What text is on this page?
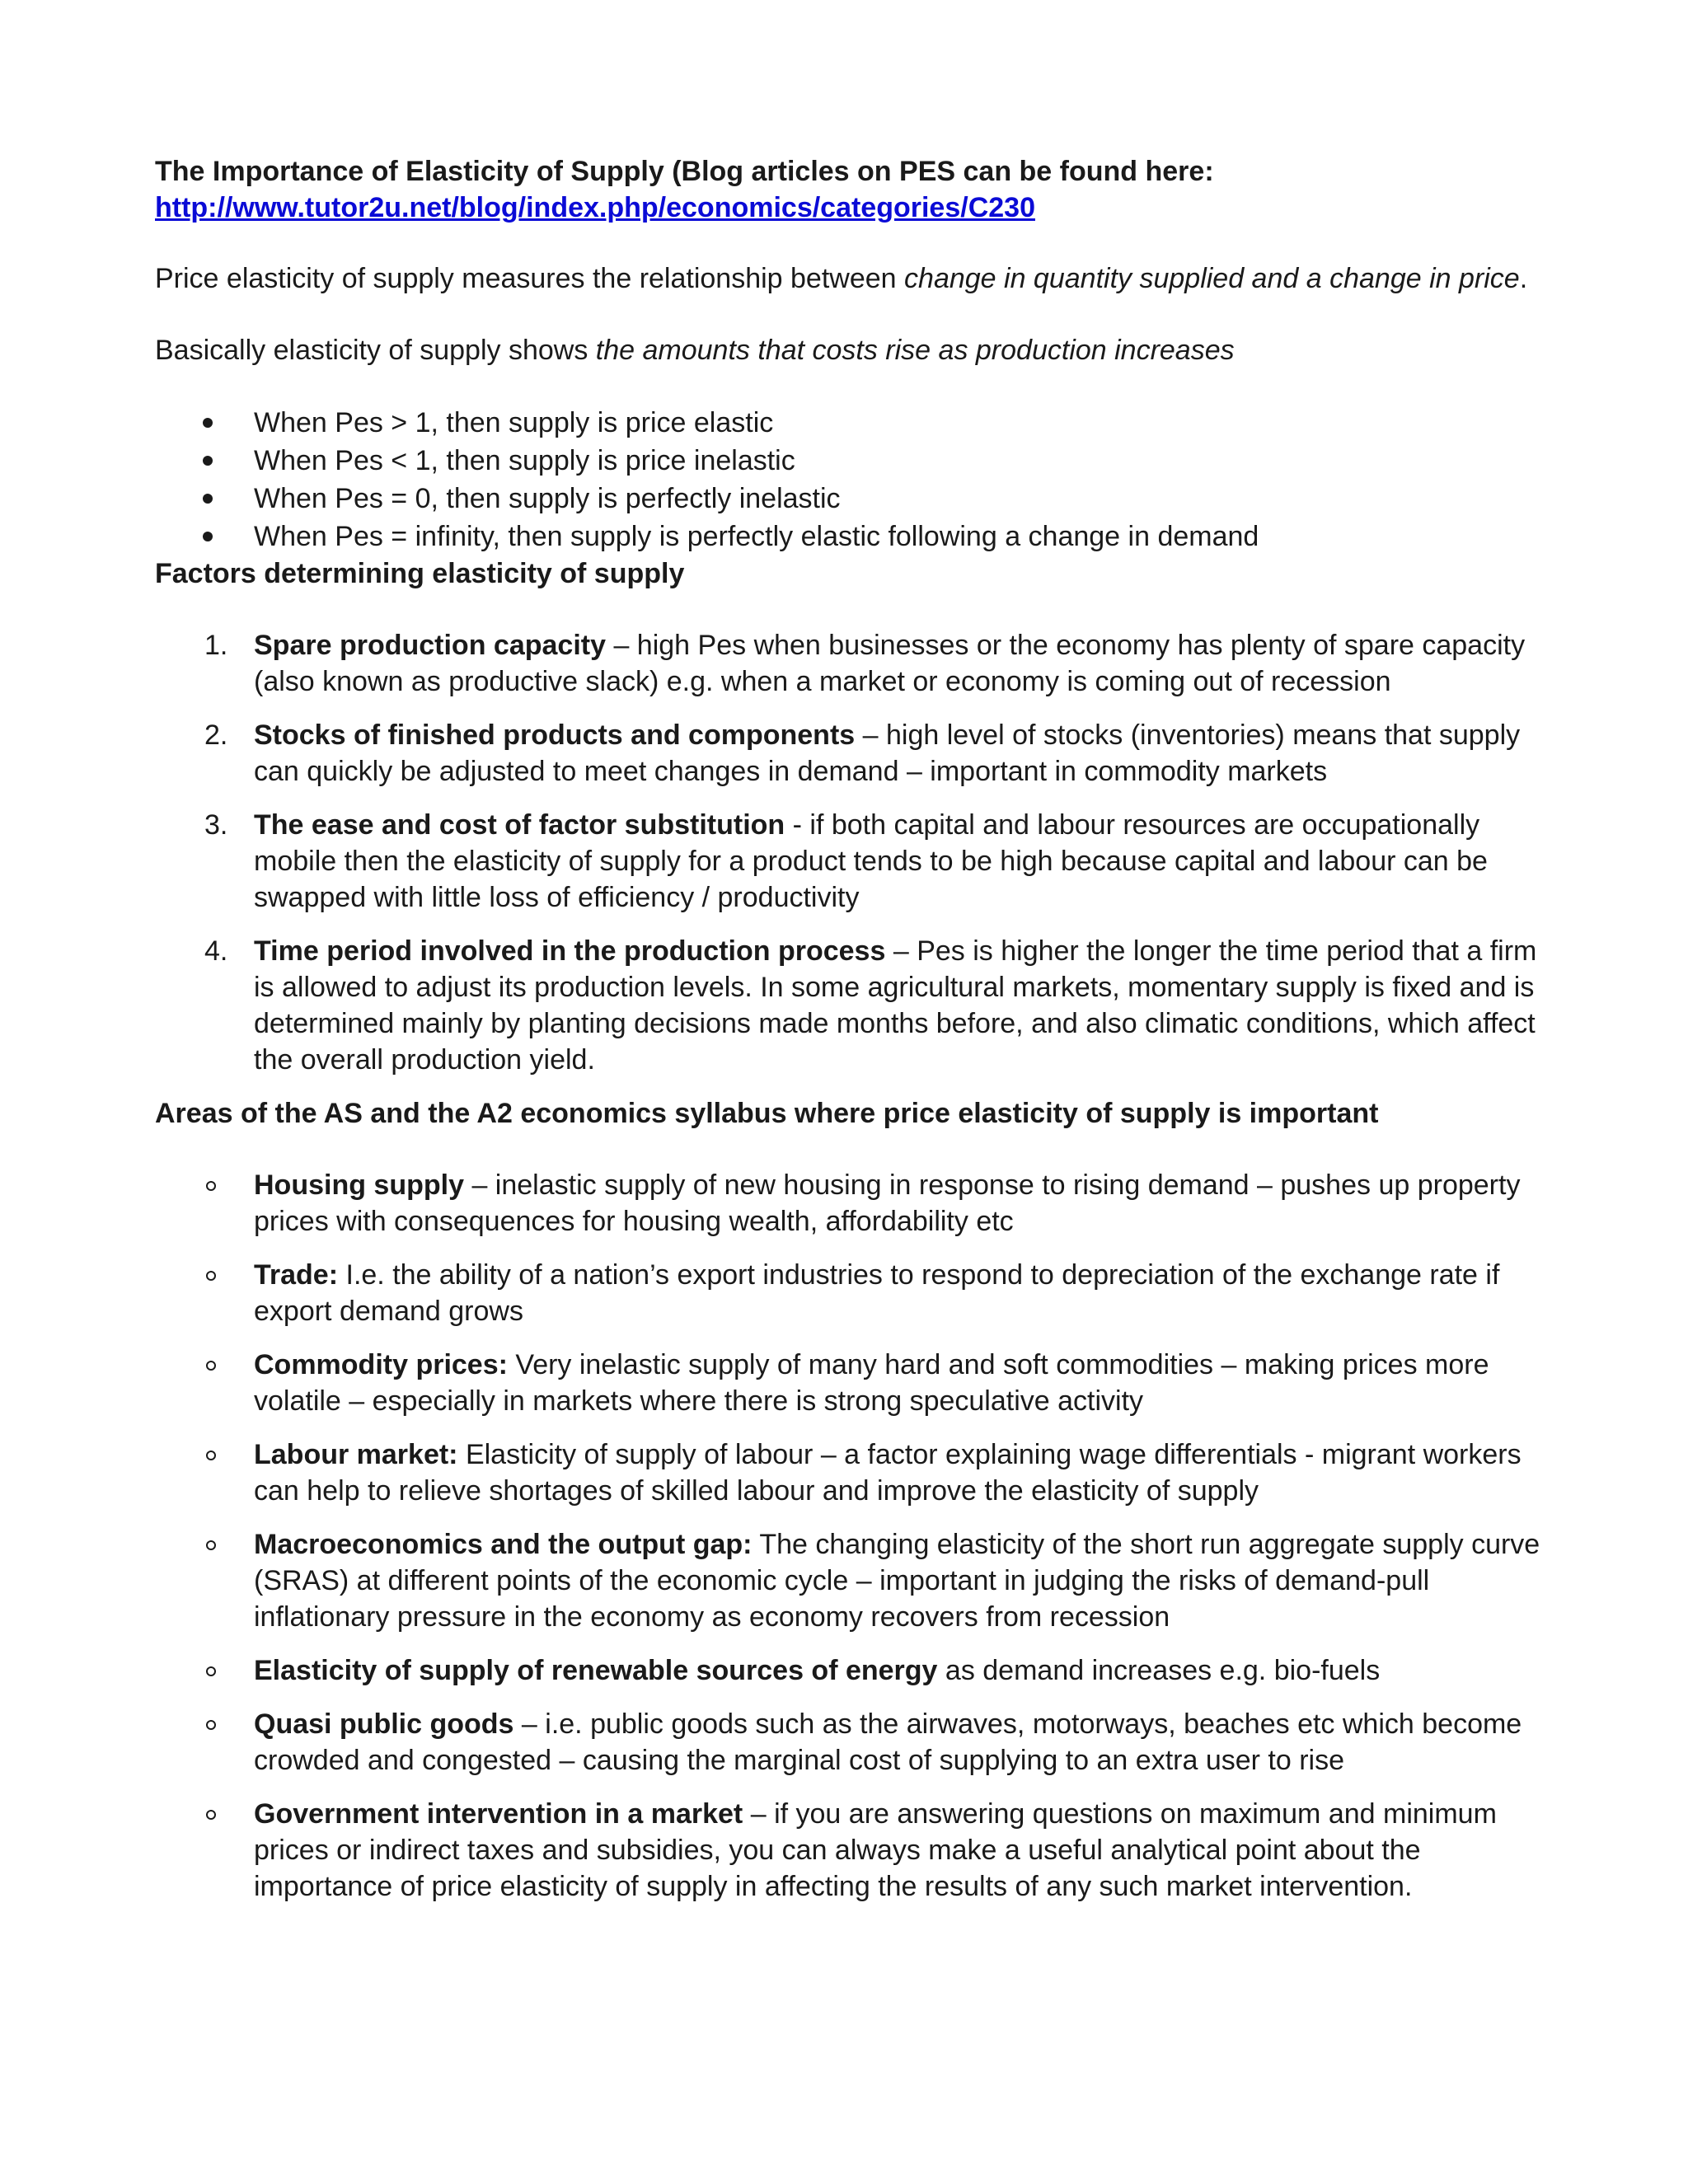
The Importance of Elasticity of Supply (Blog articles on PES can be found here:

http://www.tutor2u.net/blog/index.php/economics/categories/C230

Price elasticity of supply measures the relationship between change in quantity supplied and a change in price.

Basically elasticity of supply shows the amounts that costs rise as production increases

When Pes > 1, then supply is price elastic
When Pes < 1, then supply is price inelastic
When Pes = 0, then supply is perfectly inelastic
When Pes = infinity, then supply is perfectly elastic following a change in demand
Factors determining elasticity of supply
1. Spare production capacity – high Pes when businesses or the economy has plenty of spare capacity (also known as productive slack) e.g. when a market or economy is coming out of recession
2. Stocks of finished products and components – high level of stocks (inventories) means that supply can quickly be adjusted to meet changes in demand – important in commodity markets
3. The ease and cost of factor substitution - if both capital and labour resources are occupationally mobile then the elasticity of supply for a product tends to be high because capital and labour can be swapped with little loss of efficiency / productivity
4. Time period involved in the production process – Pes is higher the longer the time period that a firm is allowed to adjust its production levels. In some agricultural markets, momentary supply is fixed and is determined mainly by planting decisions made months before, and also climatic conditions, which affect the overall production yield.
Areas of the AS and the A2 economics syllabus where price elasticity of supply is important
Housing supply – inelastic supply of new housing in response to rising demand – pushes up property prices with consequences for housing wealth, affordability etc
Trade: I.e. the ability of a nation’s export industries to respond to depreciation of the exchange rate if export demand grows
Commodity prices: Very inelastic supply of many hard and soft commodities – making prices more volatile – especially in markets where there is strong speculative activity
Labour market: Elasticity of supply of labour – a factor explaining wage differentials - migrant workers can help to relieve shortages of skilled labour and improve the elasticity of supply
Macroeconomics and the output gap: The changing elasticity of the short run aggregate supply curve (SRAS) at different points of the economic cycle – important in judging the risks of demand-pull inflationary pressure in the economy as economy recovers from recession
Elasticity of supply of renewable sources of energy as demand increases e.g. bio-fuels
Quasi public goods – i.e. public goods such as the airwaves, motorways, beaches etc which become crowded and congested – causing the marginal cost of supplying to an extra user to rise
Government intervention in a market – if you are answering questions on maximum and minimum prices or indirect taxes and subsidies, you can always make a useful analytical point about the importance of price elasticity of supply in affecting the results of any such market intervention.
